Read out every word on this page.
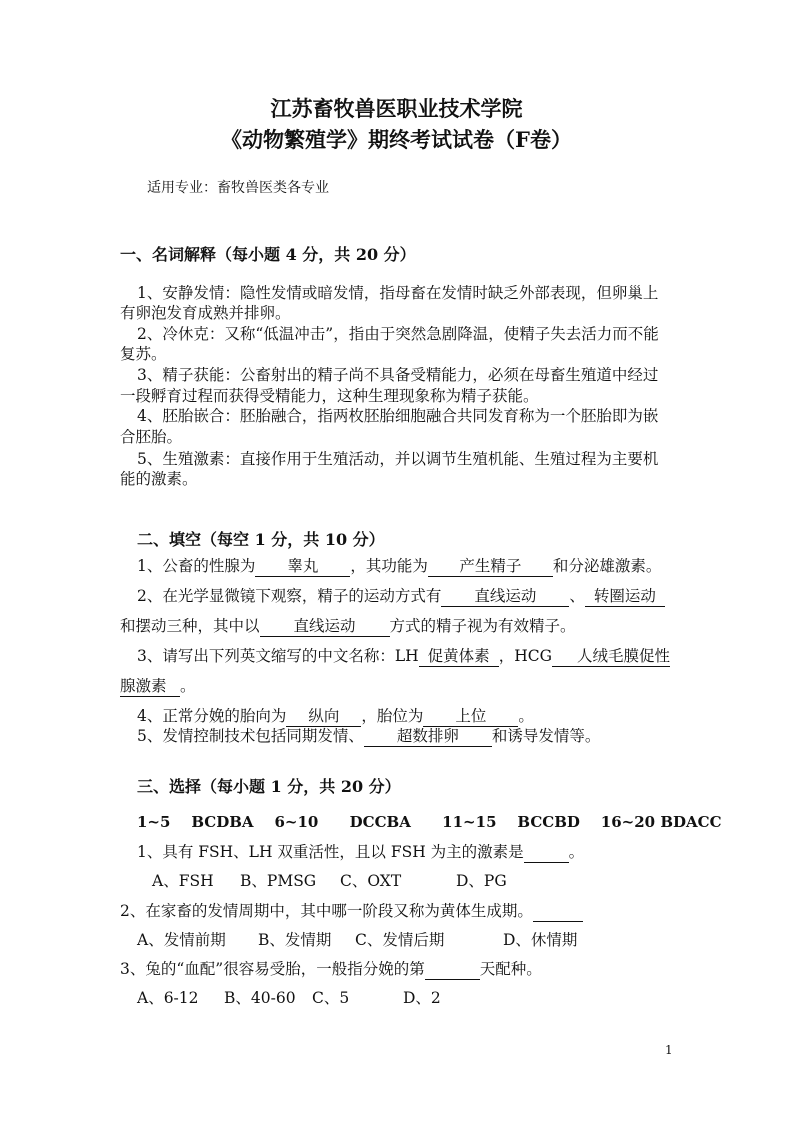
江苏畜牧兽医职业技术学院
《动物繁殖学》期终考试试卷（F卷）
适用专业：畜牧兽医类各专业
一、名词解释（每小题 4 分，共 20 分）
1、安静发情：隐性发情或暗发情，指母畜在发情时缺乏外部表现，但卵巢上
有卵泡发育成熟并排卵。
2、冷休克：又称“低温冲击”，指由于突然急剧降温，使精子失去活力而不能
复苏。
3、精子获能：公畜射出的精子尚不具备受精能力，必须在母畜生殖道中经过
一段孵育过程而获得受精能力，这种生理现象称为精子获能。
4、胚胎嵌合：胚胎融合，指两枚胚胎细胞融合共同发育称为一个胚胎即为嵌
合胚胎。
5、生殖激素：直接作用于生殖活动，并以调节生殖机能、生殖过程为主要机
能的激素。
二、填空（每空 1 分，共 10 分）
1、公畜的性腺为 睾丸 ，其功能为 产生精子 和分泌雄激素。
2、在光学显微镜下观察，精子的运动方式有 直线运动 、 转圈运动
和摆动三种，其中以 直线运动 方式的精子视为有效精子。
3、请写出下列英文缩写的中文名称：LH 促黄体素 ，HCG 人绒毛膜促性
腺激素 。
4、正常分娩的胎向为 纵向 ，胎位为 上位 。
5、发情控制技术包括同期发情、 超数排卵 和诱导发情等。
三、选择（每小题 1 分，共 20 分）
1~5    BCDBA    6~10      DCCBA      11~15    BCCBD    16~20 BDACC
1、具有 FSH、LH 双重活性，且以 FSH 为主的激素是	。
A、FSH B、PMSG C、OXT	D、PG
2、在家畜的发情周期中，其中哪一阶段又称为黄体生成期。
A、发情前期 B、发情期 C、发情后期	D、休情期
3、兔的“血配”很容易受胎，一般指分娩的第	天配种。
A、6-12 B、40-60 C、5	D、2
1
